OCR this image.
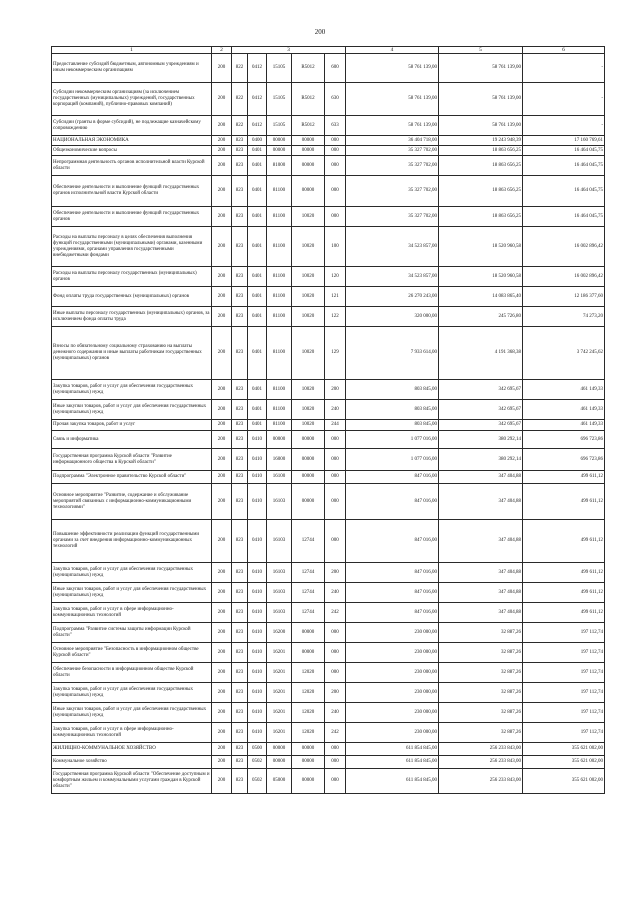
200
1	2	3					4	5	6
Предоставление субсидий бюджетным, автономным учреждениям и иным некоммерческим организациям	200	822	0412	15105	R5012	600	58 761 139,00	58 761 139,00	-
Субсидии некоммерческим организациям (за исключением государственных (муниципальных) учреждений, государственных корпораций (компаний), публично-правовых компаний)	200	822	0412	15105	R5012	630	58 761 139,00	58 761 139,00	-
Субсидии (гранты в форме субсидий), не подлежащие казначейскому сопровождению	200	822	0412	15105	R5012	633	58 761 139,00	58 761 139,00	-
НАЦИОНАЛЬНАЯ ЭКОНОМИКА	200	823	0400	00000	00000	000	36 404 718,00	19 243 948,39	17 160 769,61
Общеэкономические вопросы	200	823	0401	00000	00000	000	35 327 702,00	18 863 656,25	16 464 045,75
Непрограммная деятельность органов исполнительной власти Курской области	200	823	0401	81000	00000	000	35 327 702,00	18 863 656,25	16 464 045,75
Обеспечение деятельности и выполнение функций государственных органов исполнительной власти Курской области	200	823	0401	81100	00000	000	35 327 702,00	18 863 656,25	16 464 045,75
Обеспечение деятельности и выполнение функций государственных органов	200	823	0401	81100	10020	000	35 327 702,00	18 863 656,25	16 464 045,75
Расходы на выплаты персоналу в целях обеспечения выполнения функций государственными (муниципальными) органами, казенными учреждениями, органами управления государственными внебюджетными фондами	200	823	0401	81100	10020	100	34 523 857,00	18 520 960,58	16 002 896,42
Расходы на выплаты персоналу государственных (муниципальных) органов	200	823	0401	81100	10020	120	34 523 857,00	18 520 960,58	16 002 896,42
Фонд оплаты труда государственных (муниципальных) органов	200	823	0401	81100	10020	121	26 270 243,00	14 083 865,40	12 186 377,60
Иные выплаты персоналу государственных (муниципальных) органов, за исключением фонда оплаты труда	200	823	0401	81100	10020	122	320 000,00	245 726,80	74 273,20
Взносы по обязательному социальному страхованию на выплаты денежного содержания и иные выплаты работникам государственных (муниципальных) органов	200	823	0401	81100	10020	129	7 933 614,00	4 191 368,38	3 742 245,62
Закупка товаров, работ и услуг для обеспечения государственных (муниципальных) нужд	200	823	0401	81100	10020	200	803 845,00	342 695,67	461 149,33
Иные закупки товаров, работ и услуг для обеспечения государственных (муниципальных) нужд	200	823	0401	81100	10020	240	803 845,00	342 695,67	461 149,33
Прочая закупка товаров, работ и услуг	200	823	0401	81100	10020	244	803 845,00	342 695,67	461 149,33
Связь и информатика	200	823	0410	00000	00000	000	1 077 016,00	380 292,14	696 723,86
Государственная программа Курской области "Развитие информационного общества в Курской области"	200	823	0410	16000	00000	000	1 077 016,00	380 292,14	696 723,86
Подпрограмма "Электронное правительство Курской области"	200	823	0410	16100	00000	000	847 016,00	347 404,88	499 611,12
Основное мероприятие "Развитие, содержание и обслуживание мероприятий связанных с информационно-коммуникационными технологиями"	200	823	0410	16103	00000	000	847 016,00	347 404,88	499 611,12
Повышение эффективности реализации функций государственными органами за счет внедрения информационно-коммуникационных технологий	200	823	0410	16103	12744	000	847 016,00	347 404,88	499 611,12
Закупка товаров, работ и услуг для обеспечения государственных (муниципальных) нужд	200	823	0410	16103	12744	200	847 016,00	347 404,88	499 611,12
Иные закупки товаров, работ и услуг для обеспечения государственных (муниципальных) нужд	200	823	0410	16103	12744	240	847 016,00	347 404,88	499 611,12
Закупка товаров, работ и услуг в сфере информационно-коммуникационных технологий	200	823	0410	16103	12744	242	847 016,00	347 404,88	499 611,12
Подпрограмма "Развитие системы защиты информации Курской области"	200	823	0410	16200	00000	000	230 000,00	32 887,26	197 112,74
Основное мероприятие "Безопасность в информационном обществе Курской области"	200	823	0410	16201	00000	000	230 000,00	32 887,26	197 112,74
Обеспечение безопасности в информационном обществе Курской области	200	823	0410	16201	12020	000	230 000,00	32 887,26	197 112,74
Закупка товаров, работ и услуг для обеспечения государственных (муниципальных) нужд	200	823	0410	16201	12020	200	230 000,00	32 887,26	197 112,74
Иные закупки товаров, работ и услуг для обеспечения государственных (муниципальных) нужд	200	823	0410	16201	12020	240	230 000,00	32 887,26	197 112,74
Закупка товаров, работ и услуг в сфере информационно-коммуникационных технологий	200	823	0410	16201	12020	242	230 000,00	32 887,26	197 112,74
ЖИЛИЩНО-КОММУНАЛЬНОЕ ХОЗЯЙСТВО	200	823	0500	00000	00000	000	611 854 845,00	256 233 843,00	355 621 002,00
Коммунальное хозяйство	200	823	0502	00000	00000	000	611 854 845,00	256 233 843,00	355 621 002,00
Государственная программа Курской области "Обеспечение доступным и комфортным жильем и коммунальными услугами граждан в Курской области"	200	823	0502	05000	00000	000	611 854 845,00	256 233 843,00	355 621 002,00
